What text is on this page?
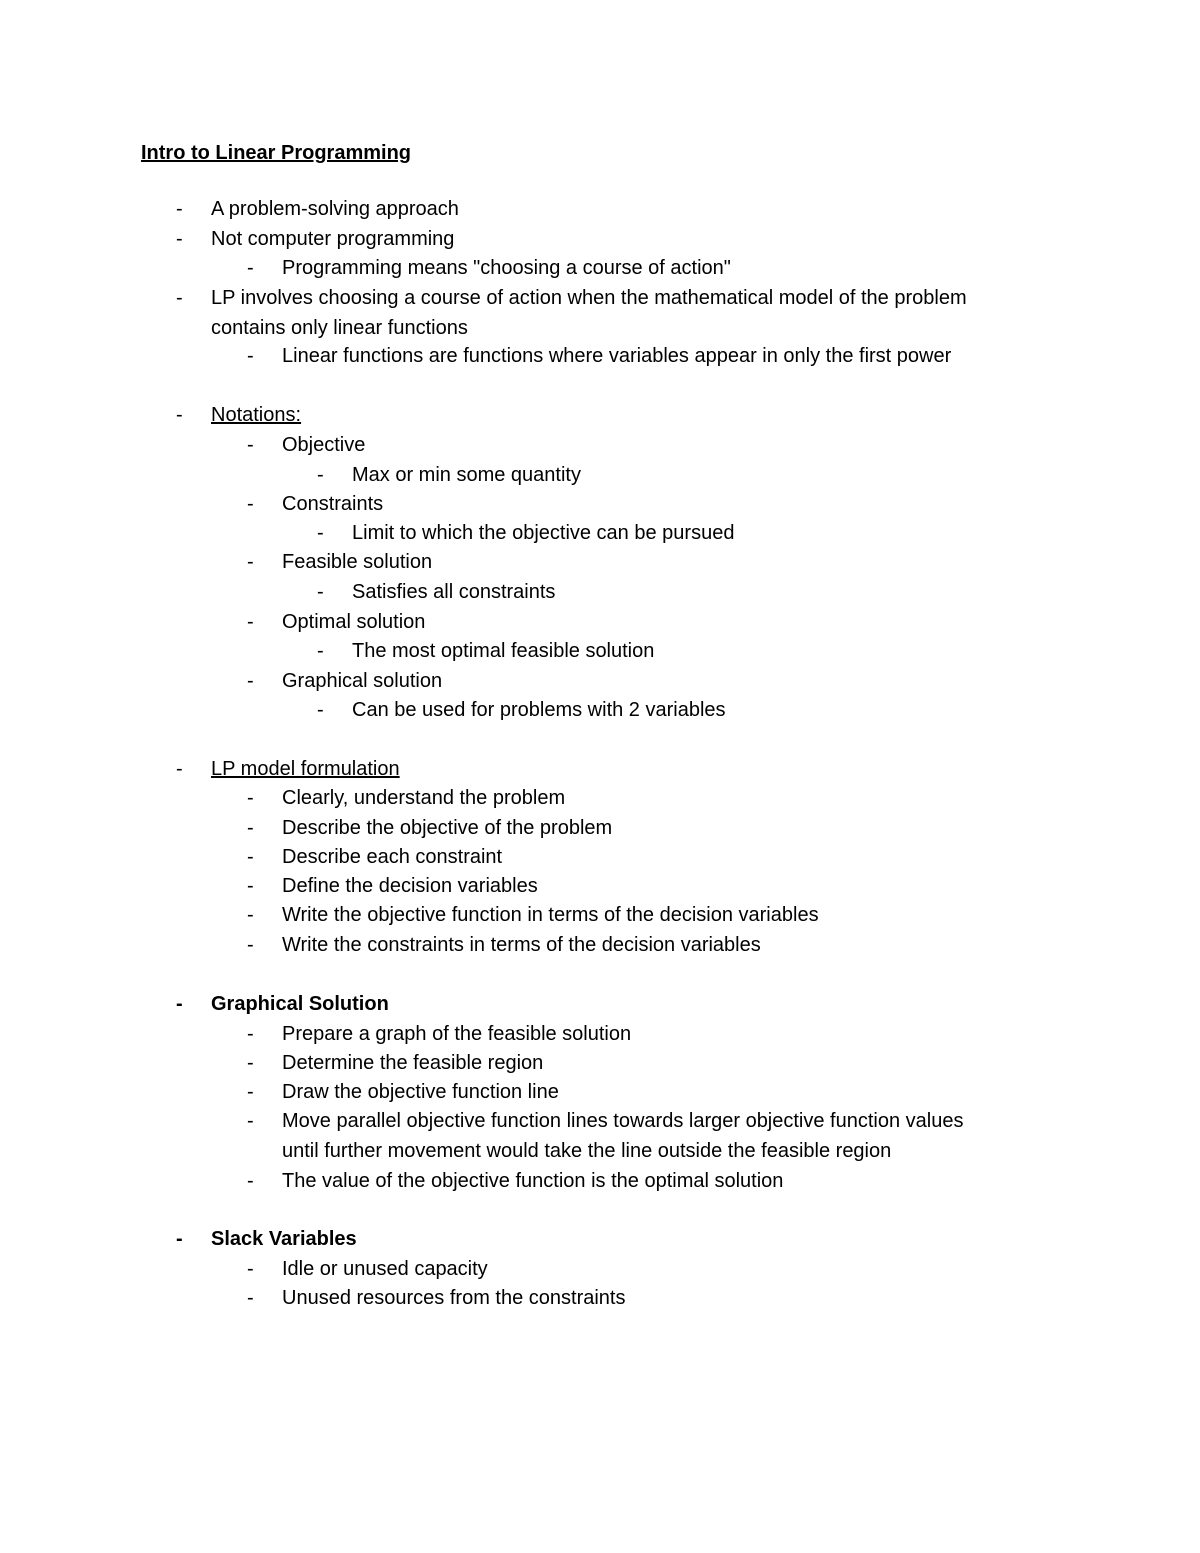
Intro to Linear Programming
- A problem-solving approach
- Not computer programming
- Programming means "choosing a course of action"
- LP involves choosing a course of action when the mathematical model of the problem
contains only linear functions
- Linear functions are functions where variables appear in only the first power
- Notations:
- Objective
- Max or min some quantity
- Constraints
- Limit to which the objective can be pursued
- Feasible solution
- Satisfies all constraints
- Optimal solution
- The most optimal feasible solution
- Graphical solution
- Can be used for problems with 2 variables
- LP model formulation
- Clearly, understand the problem
- Describe the objective of the problem
- Describe each constraint
- Define the decision variables
- Write the objective function in terms of the decision variables
- Write the constraints in terms of the decision variables
- Graphical Solution
- Prepare a graph of the feasible solution
- Determine the feasible region
- Draw the objective function line
- Move parallel objective function lines towards larger objective function values
until further movement would take the line outside the feasible region
- The value of the objective function is the optimal solution
- Slack Variables
- Idle or unused capacity
- Unused resources from the constraints
